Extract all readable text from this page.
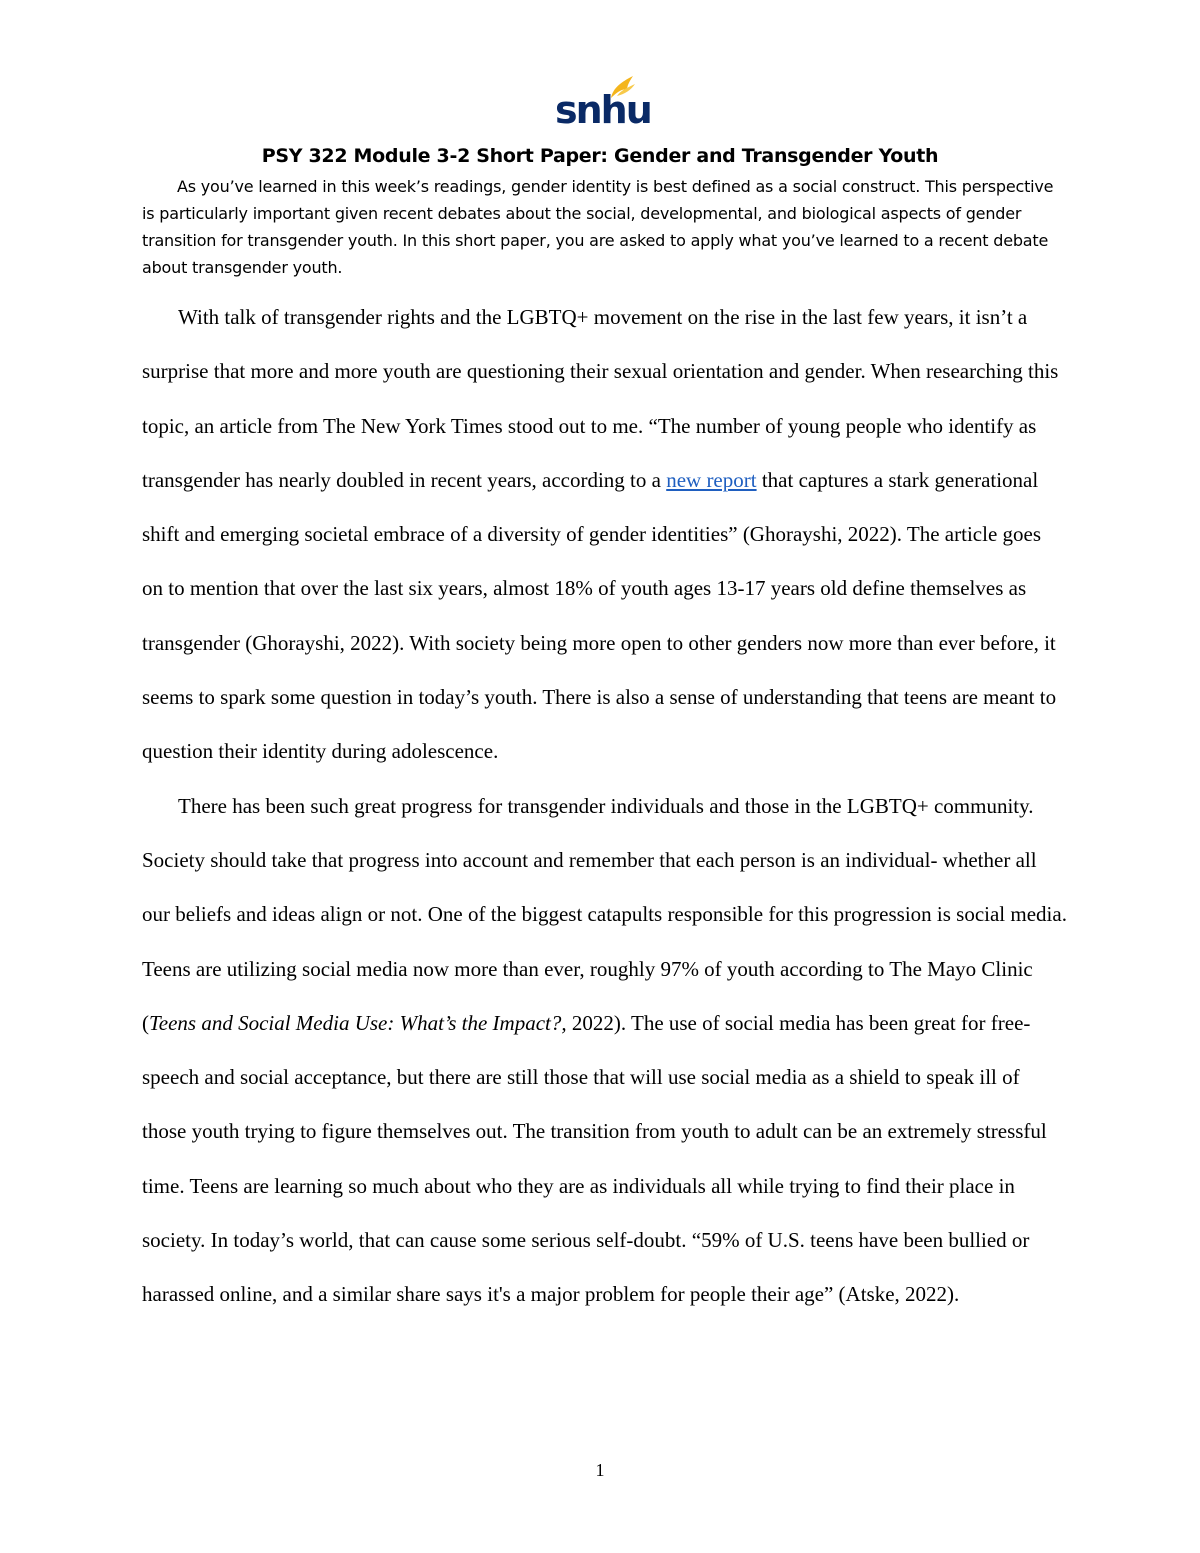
snhu
PSY 322 Module 3-2 Short Paper: Gender and Transgender Youth

As you’ve learned in this week’s readings, gender identity is best defined as a social construct. This perspective is particularly important given recent debates about the social, developmental, and biological aspects of gender transition for transgender youth. In this short paper, you are asked to apply what you’ve learned to a recent debate about transgender youth.

With talk of transgender rights and the LGBTQ+ movement on the rise in the last few years, it isn’t a surprise that more and more youth are questioning their sexual orientation and gender. When researching this topic, an article from The New York Times stood out to me. “The number of young people who identify as transgender has nearly doubled in recent years, according to a new report that captures a stark generational shift and emerging societal embrace of a diversity of gender identities” (Ghorayshi, 2022). The article goes on to mention that over the last six years, almost 18% of youth ages 13-17 years old define themselves as transgender (Ghorayshi, 2022). With society being more open to other genders now more than ever before, it seems to spark some question in today’s youth. There is also a sense of understanding that teens are meant to question their identity during adolescence.

There has been such great progress for transgender individuals and those in the LGBTQ+ community. Society should take that progress into account and remember that each person is an individual- whether all our beliefs and ideas align or not. One of the biggest catapults responsible for this progression is social media. Teens are utilizing social media now more than ever, roughly 97% of youth according to The Mayo Clinic (Teens and Social Media Use: What’s the Impact?, 2022). The use of social media has been great for free-speech and social acceptance, but there are still those that will use social media as a shield to speak ill of those youth trying to figure themselves out. The transition from youth to adult can be an extremely stressful time. Teens are learning so much about who they are as individuals all while trying to find their place in society. In today’s world, that can cause some serious self-doubt. “59% of U.S. teens have been bullied or harassed online, and a similar share says it's a major problem for people their age” (Atske, 2022).

1
